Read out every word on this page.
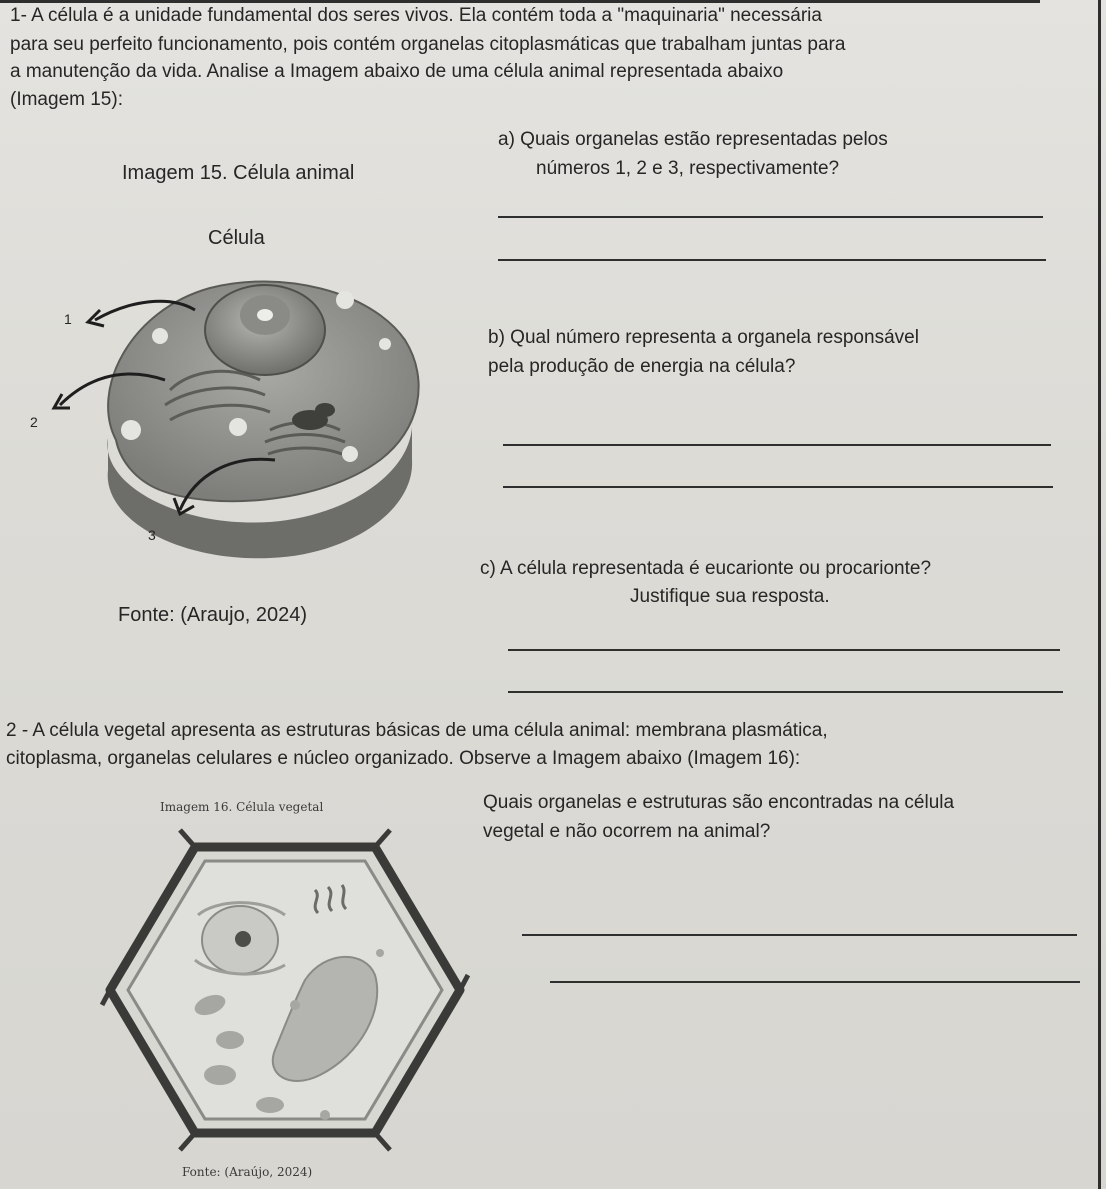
1- A célula é a unidade fundamental dos seres vivos. Ela contém toda a "maquinaria" necessária
para seu perfeito funcionamento, pois contém organelas citoplasmáticas que trabalham juntas para
a manutenção da vida. Analise a Imagem abaixo de uma célula animal representada abaixo
(Imagem 15):
Imagem 15. Célula animal
Célula
1
2
3
Fonte: (Araujo, 2024)
a) Quais organelas estão representadas pelos
números 1, 2 e 3, respectivamente?
b) Qual número representa a organela responsável
pela produção de energia na célula?
c) A célula representada é eucarionte ou procarionte?
Justifique sua resposta.
2 - A célula vegetal apresenta as estruturas básicas de uma célula animal: membrana plasmática,
citoplasma, organelas celulares e núcleo organizado. Observe a Imagem abaixo (Imagem 16):
Imagem 16. Célula vegetal	Quais organelas e estruturas são encontradas na célula
vegetal e não ocorrem na animal?
Fonte: (Araújo, 2024)
